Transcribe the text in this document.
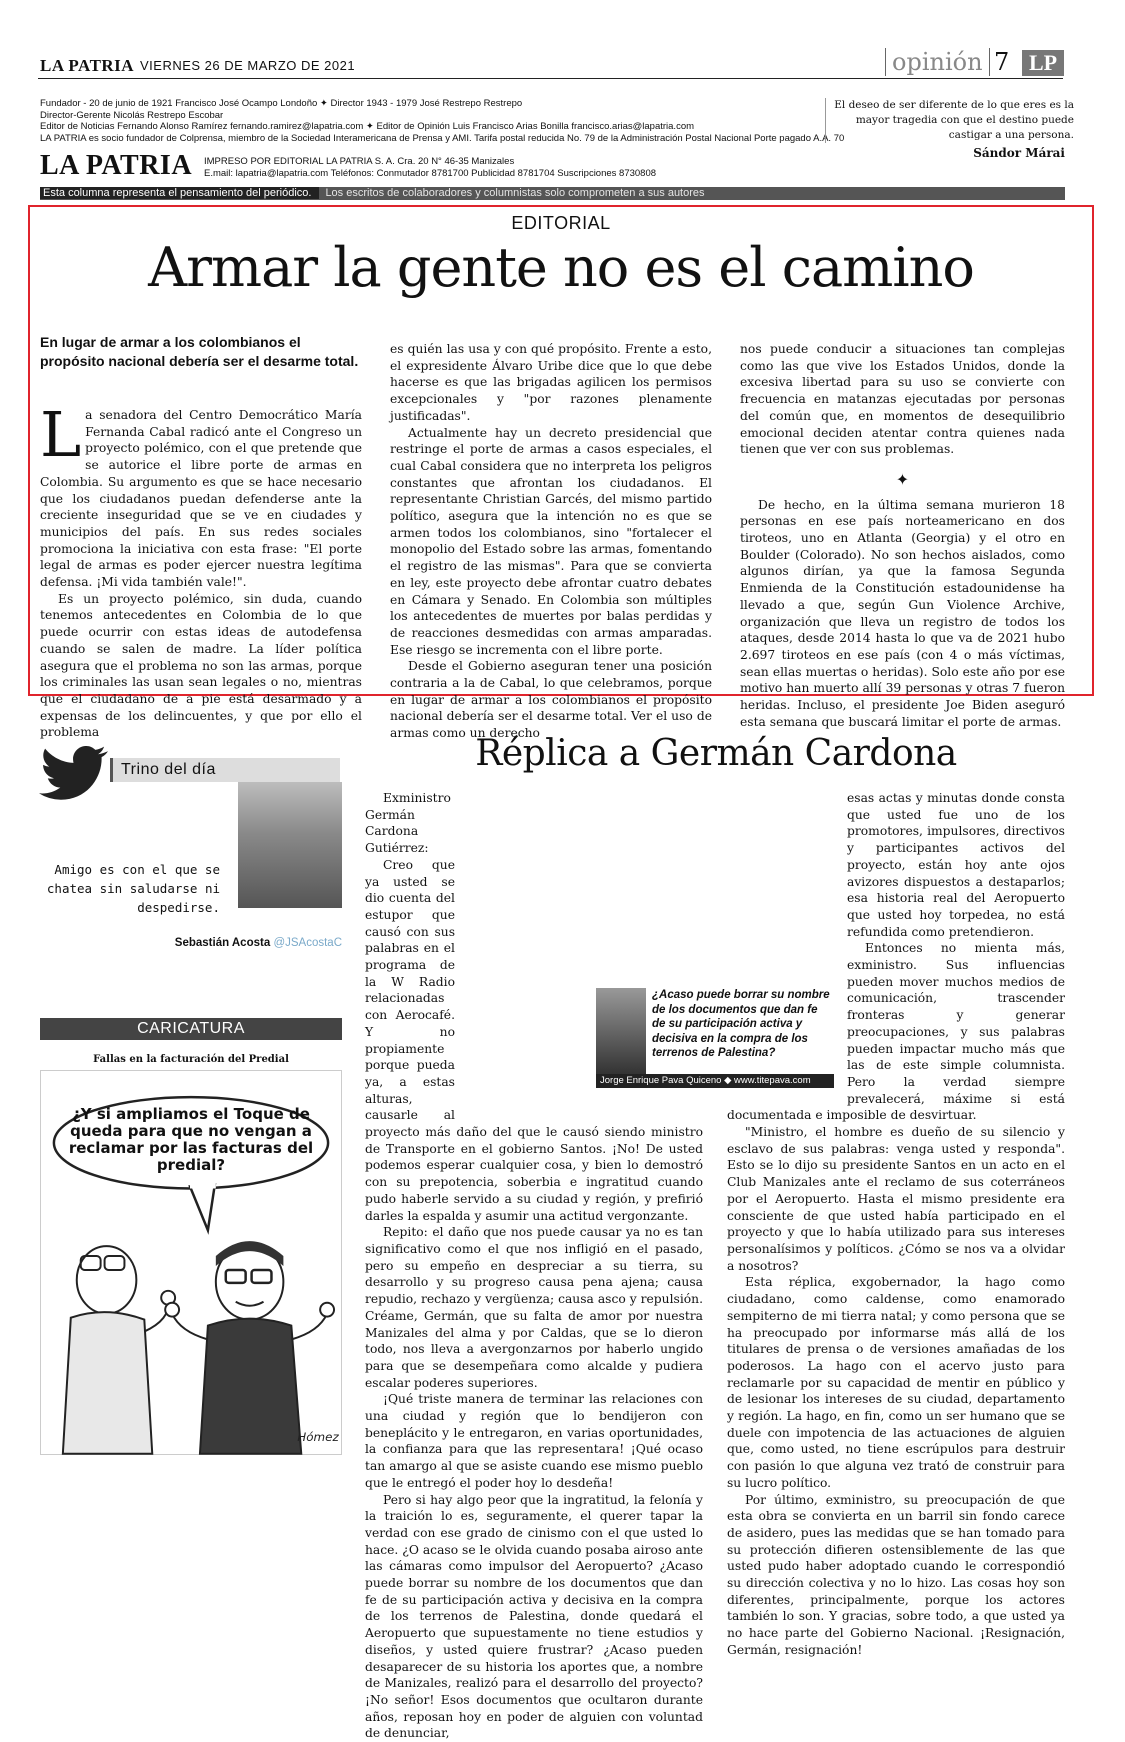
LA PATRIA VIERNES 26 DE MARZO DE 2021	opinión 7 LP
Fundador - 20 de junio de 1921 Francisco José Ocampo Londoño ✦ Director 1943 - 1979 José Restrepo Restrepo
Director-Gerente Nicolás Restrepo Escobar
Editor de Noticias Fernando Alonso Ramírez fernando.ramirez@lapatria.com ✦ Editor de Opinión Luis Francisco Arias Bonilla francisco.arias@lapatria.com
LA PATRIA es socio fundador de Colprensa, miembro de la Sociedad Interamericana de Prensa y AMI. Tarifa postal reducida No. 79 de la Administración Postal Nacional Porte pagado A.A. 70
El deseo de ser diferente de lo que eres es la mayor tragedia con que el destino puede castigar a una persona.
Sándor Márai
LA PATRIA IMPRESO POR EDITORIAL LA PATRIA S. A. Cra. 20 N° 46-35 Manizales
E.mail: lapatria@lapatria.com Teléfonos: Conmutador 8781700 Publicidad 8781704 Suscripciones 8730808
Esta columna representa el pensamiento del periódico. Los escritos de colaboradores y columnistas solo comprometen a sus autores
EDITORIAL
Armar la gente no es el camino
En lugar de armar a los colombianos el propósito nacional debería ser el desarme total.

La senadora del Centro Democrático María Fernanda Cabal radicó ante el Congreso un proyecto polémico, con el que pretende que se autorice el libre porte de armas en Colombia. Su argumento es que se hace necesario que los ciudadanos puedan defenderse ante la creciente inseguridad que se ve en ciudades y municipios del país. En sus redes sociales promociona la iniciativa con esta frase: "El porte legal de armas es poder ejercer nuestra legítima defensa. ¡Mi vida también vale!".

Es un proyecto polémico, sin duda, cuando tenemos antecedentes en Colombia de lo que puede ocurrir con estas ideas de autodefensa cuando se salen de madre. La líder política asegura que el problema no son las armas, porque los criminales las usan sean legales o no, mientras que el ciudadano de a pie está desarmado y a expensas de los delincuentes, y que por ello el problema

es quién las usa y con qué propósito. Frente a esto, el expresidente Álvaro Uribe dice que lo que debe hacerse es que las brigadas agilicen los permisos excepcionales y "por razones plenamente justificadas".

Actualmente hay un decreto presidencial que restringe el porte de armas a casos especiales, el cual Cabal considera que no interpreta los peligros constantes que afrontan los ciudadanos. El representante Christian Garcés, del mismo partido político, asegura que la intención no es que se armen todos los colombianos, sino "fortalecer el monopolio del Estado sobre las armas, fomentando el registro de las mismas". Para que se convierta en ley, este proyecto debe afrontar cuatro debates en Cámara y Senado. En Colombia son múltiples los antecedentes de muertes por balas perdidas y de reacciones desmedidas con armas amparadas. Ese riesgo se incrementa con el libre porte.

Desde el Gobierno aseguran tener una posición contraria a la de Cabal, lo que celebramos, porque en lugar de armar a los colombianos el propósito nacional debería ser el desarme total. Ver el uso de armas como un derecho

nos puede conducir a situaciones tan complejas como las que vive los Estados Unidos, donde la excesiva libertad para su uso se convierte con frecuencia en matanzas ejecutadas por personas del común que, en momentos de desequilibrio emocional deciden atentar contra quienes nada tienen que ver con sus problemas.

✦

De hecho, en la última semana murieron 18 personas en ese país norteamericano en dos tiroteos, uno en Atlanta (Georgia) y el otro en Boulder (Colorado). No son hechos aislados, como algunos dirían, ya que la famosa Segunda Enmienda de la Constitución estadounidense ha llevado a que, según Gun Violence Archive, organización que lleva un registro de todos los ataques, desde 2014 hasta lo que va de 2021 hubo 2.697 tiroteos en ese país (con 4 o más víctimas, sean ellas muertas o heridas). Solo este año por ese motivo han muerto allí 39 personas y otras 7 fueron heridas. Incluso, el presidente Joe Biden aseguró esta semana que buscará limitar el porte de armas.

Trino del día
Amigo es con el que se chatea sin saludarse ni despedirse.
Sebastián Acosta @JSAcostaC
CARICATURA
Fallas en la facturación del Predial
Hómez
¿Y si ampliamos el Toque de queda para que no vengan a reclamar por las facturas del predial?
Réplica a Germán Cardona

Exministro Germán Cardona Gutiérrez:

Creo que ya usted se dio cuenta del estupor que causó con sus palabras en el programa de la W Radio relacionadas con Aerocafé. Y no propiamente porque pueda ya, a estas alturas, causarle al proyecto más daño del que le causó siendo ministro de Transporte en el gobierno Santos. ¡No! De usted podemos esperar cualquier cosa, y bien lo demostró con su prepotencia, soberbia e ingratitud cuando pudo haberle servido a su ciudad y región, y prefirió darles la espalda y asumir una actitud vergonzante.

Repito: el daño que nos puede causar ya no es tan significativo como el que nos infligió en el pasado, pero su empeño en despreciar a su tierra, su desarrollo y su progreso causa pena ajena; causa repudio, rechazo y vergüenza; causa asco y repulsión. Créame, Germán, que su falta de amor por nuestra Manizales del alma y por Caldas, que se lo dieron todo, nos lleva a avergonzarnos por haberlo ungido para que se desempeñara como alcalde y pudiera escalar poderes superiores.

¡Qué triste manera de terminar las relaciones con una ciudad y región que lo bendijeron con beneplácito y le entregaron, en varias oportunidades, la confianza para que las representara! ¡Qué ocaso tan amargo al que se asiste cuando ese mismo pueblo que le entregó el poder hoy lo desdeña!

Pero si hay algo peor que la ingratitud, la felonía y la traición lo es, seguramente, el querer tapar la verdad con ese grado de cinismo con el que usted lo hace. ¿O acaso se le olvida cuando posaba airoso ante las cámaras como impulsor del Aeropuerto? ¿Acaso puede borrar su nombre de los documentos que dan fe de su participación activa y decisiva en la compra de los terrenos de Palestina, donde quedará el Aeropuerto que supuestamente no tiene estudios y diseños, y usted quiere frustrar? ¿Acaso pueden desaparecer de su historia los aportes que, a nombre de Manizales, realizó para el desarrollo del proyecto? ¡No señor! Esos documentos que ocultaron durante años, reposan hoy en poder de alguien con voluntad de denunciar,

esas actas y minutas donde consta que usted fue uno de los promotores, impulsores, directivos y participantes activos del proyecto, están hoy ante ojos avizores dispuestos a destaparlos; esa historia real del Aeropuerto que usted hoy torpedea, no está refundida como pretendieron.

Entonces no mienta más, exministro. Sus influencias pueden mover muchos medios de comunicación, trascender fronteras y generar preocupaciones, y sus palabras pueden impactar mucho más que las de este simple columnista. Pero la verdad siempre prevalecerá, máxime si está documentada e imposible de desvirtuar.

"Ministro, el hombre es dueño de su silencio y esclavo de sus palabras: venga usted y responda". Esto se lo dijo su presidente Santos en un acto en el Club Manizales ante el reclamo de sus coterráneos por el Aeropuerto. Hasta el mismo presidente era consciente de que usted había participado en el proyecto y que lo había utilizado para sus intereses personalísimos y políticos. ¿Cómo se nos va a olvidar a nosotros?

Esta réplica, exgobernador, la hago como ciudadano, como caldense, como enamorado sempiterno de mi tierra natal; y como persona que se ha preocupado por informarse más allá de los titulares de prensa o de versiones amañadas de los poderosos. La hago con el acervo justo para reclamarle por su capacidad de mentir en público y de lesionar los intereses de su ciudad, departamento y región. La hago, en fin, como un ser humano que se duele con impotencia de las actuaciones de alguien que, como usted, no tiene escrúpulos para destruir con pasión lo que alguna vez trató de construir para su lucro político.

Por último, exministro, su preocupación de que esta obra se convierta en un barril sin fondo carece de asidero, pues las medidas que se han tomado para su protección difieren ostensiblemente de las que usted pudo haber adoptado cuando le correspondió su dirección colectiva y no lo hizo. Las cosas hoy son diferentes, principalmente, porque los actores también lo son. Y gracias, sobre todo, a que usted ya no hace parte del Gobierno Nacional. ¡Resignación, Germán, resignación!

¿Acaso puede borrar su nombre de los documentos que dan fe de su participación activa y decisiva en la compra de los terrenos de Palestina?
Jorge Enrique Pava Quiceno ◆ www.titepava.com
